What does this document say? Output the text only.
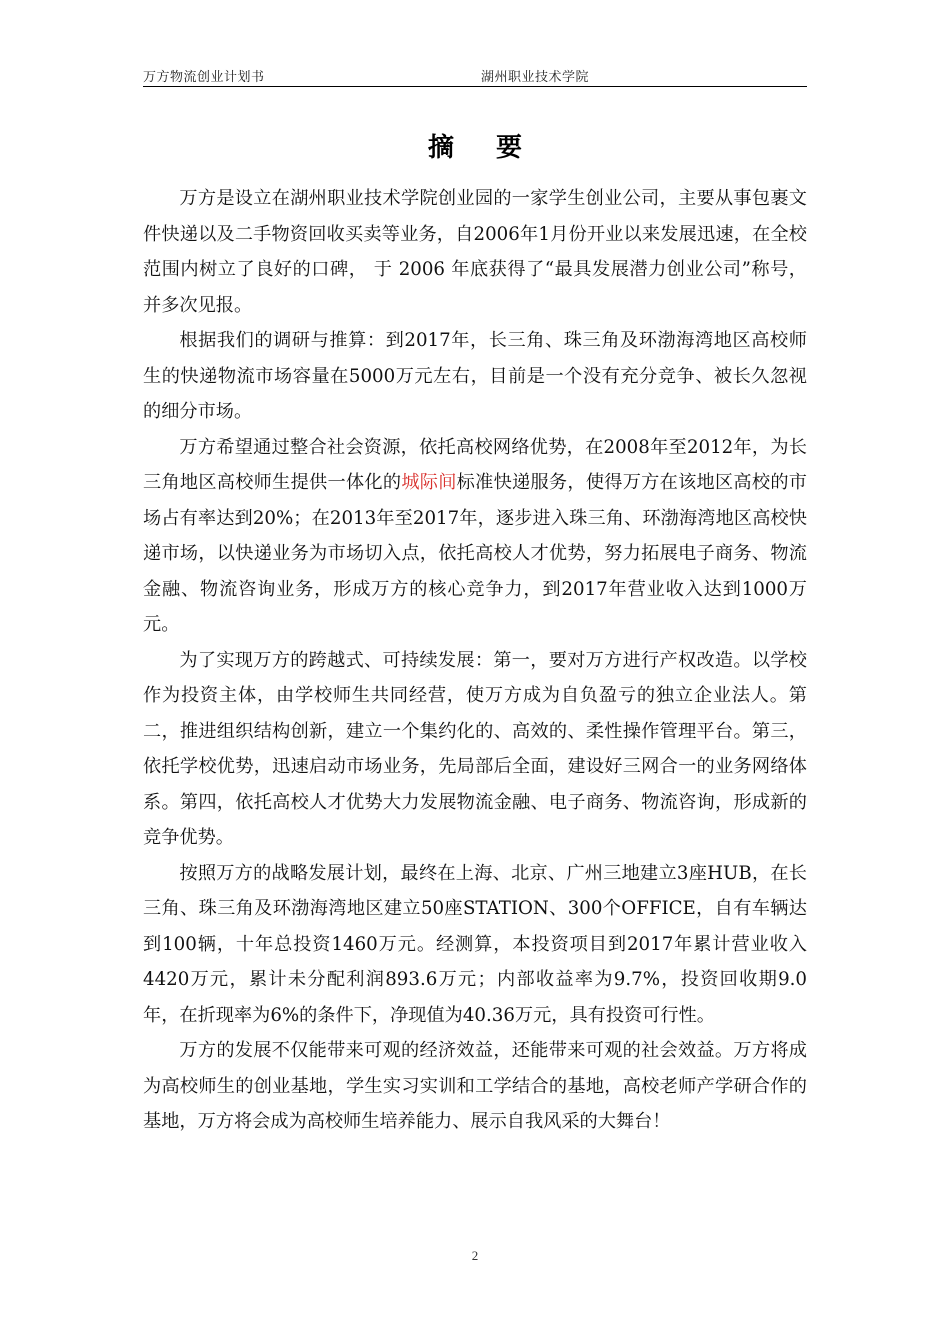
万方物流创业计划书	湖州职业技术学院
摘要

万方是设立在湖州职业技术学院创业园的一家学生创业公司，主要从事包裹文件快递以及二手物资回收买卖等业务，自2006年1月份开业以来发展迅速，在全校范围内树立了良好的口碑， 于 2006 年底获得了“最具发展潜力创业公司”称号，并多次见报。

根据我们的调研与推算：到2017年，长三角、珠三角及环渤海湾地区高校师生的快递物流市场容量在5000万元左右，目前是一个没有充分竞争、被长久忽视的细分市场。

万方希望通过整合社会资源，依托高校网络优势，在2008年至2012年，为长三角地区高校师生提供一体化的城际间标准快递服务，使得万方在该地区高校的市场占有率达到20%；在2013年至2017年，逐步进入珠三角、环渤海湾地区高校快递市场，以快递业务为市场切入点，依托高校人才优势，努力拓展电子商务、物流金融、物流咨询业务，形成万方的核心竞争力，到2017年营业收入达到1000万元。

为了实现万方的跨越式、可持续发展：第一，要对万方进行产权改造。以学校作为投资主体，由学校师生共同经营，使万方成为自负盈亏的独立企业法人。第二，推进组织结构创新，建立一个集约化的、高效的、柔性操作管理平台。第三，依托学校优势，迅速启动市场业务，先局部后全面，建设好三网合一的业务网络体系。第四，依托高校人才优势大力发展物流金融、电子商务、物流咨询，形成新的竞争优势。

按照万方的战略发展计划，最终在上海、北京、广州三地建立3座HUB，在长三角、珠三角及环渤海湾地区建立50座STATION、300个OFFICE，自有车辆达到100辆，十年总投资1460万元。经测算，本投资项目到2017年累计营业收入4420万元，累计未分配利润893.6万元；内部收益率为9.7%，投资回收期9.0年，在折现率为6%的条件下，净现值为40.36万元，具有投资可行性。

万方的发展不仅能带来可观的经济效益，还能带来可观的社会效益。万方将成为高校师生的创业基地，学生实习实训和工学结合的基地，高校老师产学研合作的基地，万方将会成为高校师生培养能力、展示自我风采的大舞台！

2
